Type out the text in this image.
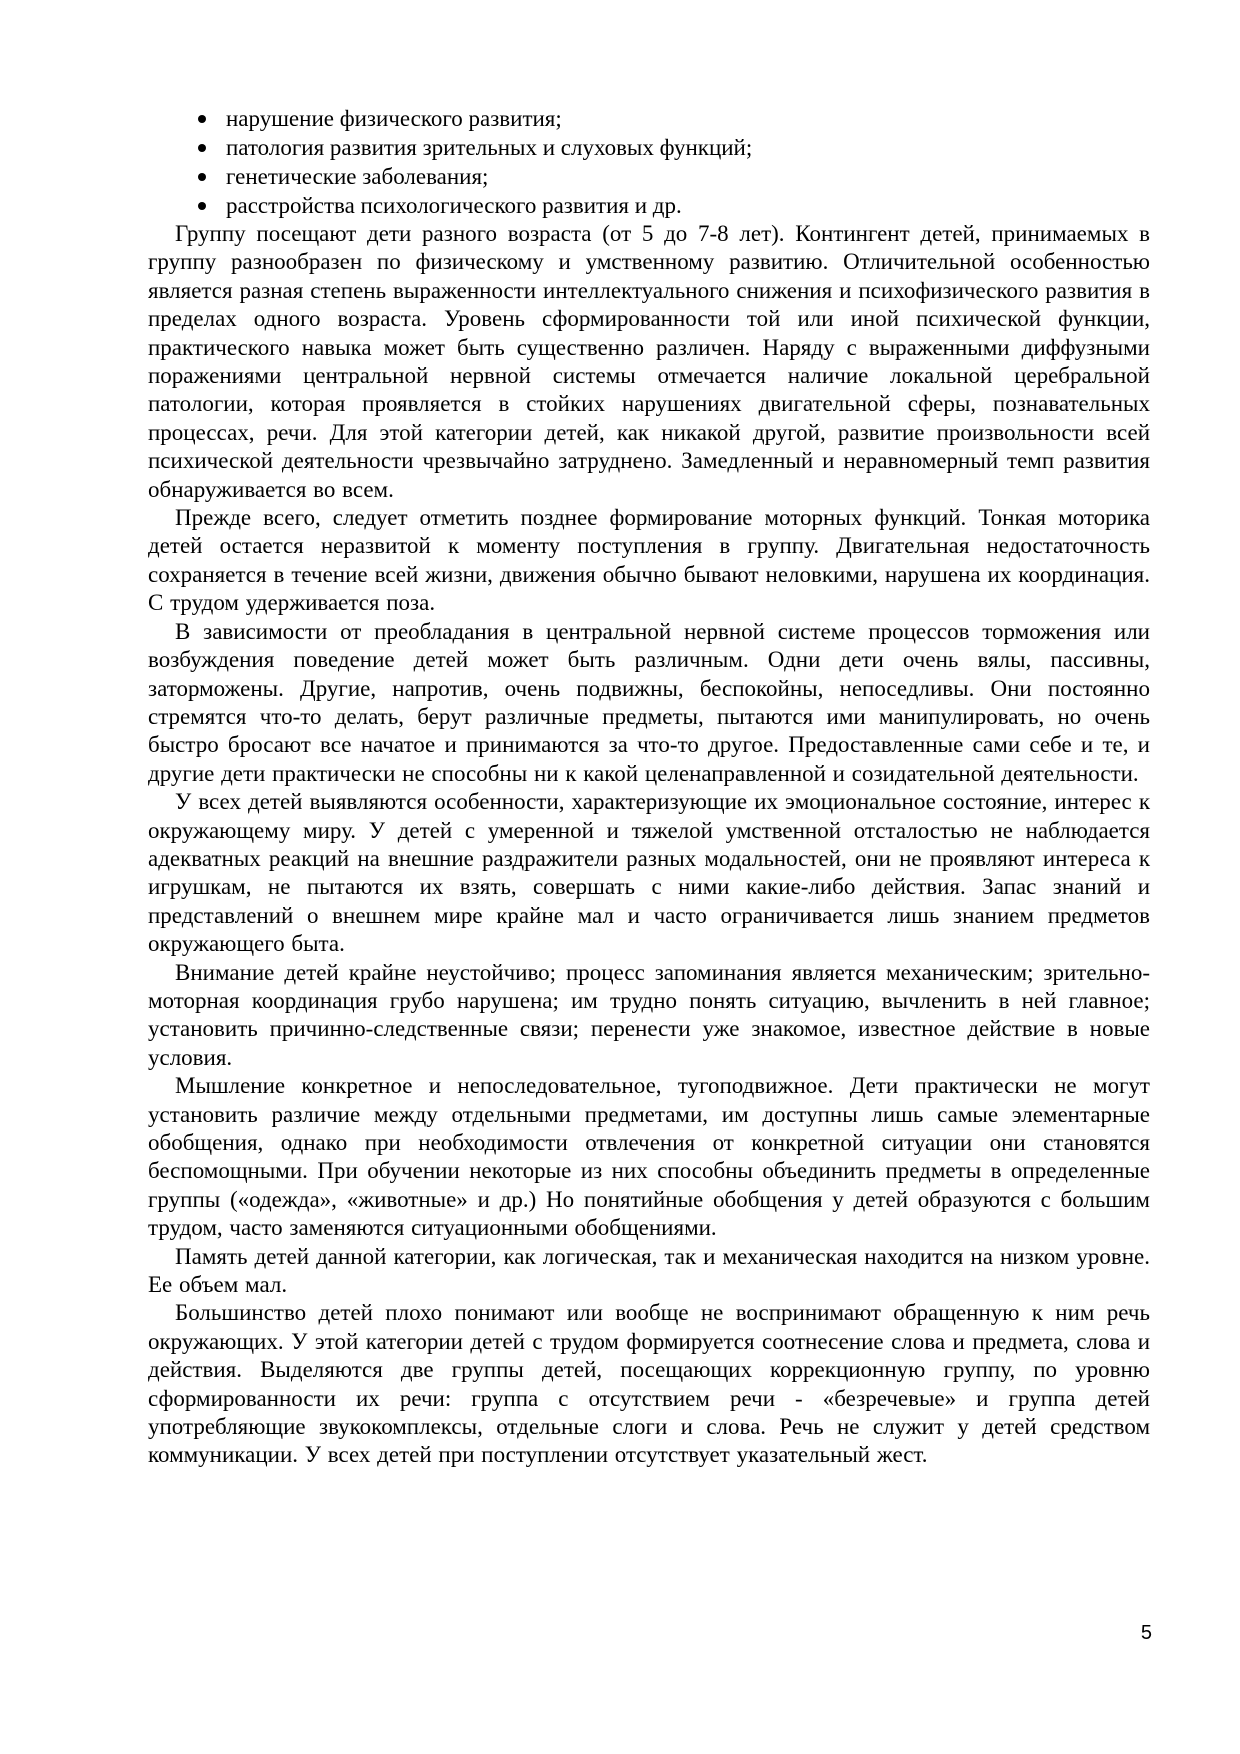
нарушение физического развития;
патология развития зрительных и слуховых функций;
генетические заболевания;
расстройства психологического развития и др.

Группу посещают дети разного возраста (от 5 до 7-8 лет). Контингент детей, принимаемых в группу разнообразен по физическому и умственному развитию. Отличительной особенностью является разная степень выраженности интеллектуального снижения и психофизического развития в пределах одного возраста. Уровень сформированности той или иной психической функции, практического навыка может быть существенно различен. Наряду с выраженными диффузными поражениями центральной нервной системы отмечается наличие локальной церебральной патологии, которая проявляется в стойких нарушениях двигательной сферы, познавательных процессах, речи. Для этой категории детей, как никакой другой, развитие произвольности всей психической деятельности чрезвычайно затруднено. Замедленный и неравномерный темп развития обнаруживается во всем.

Прежде всего, следует отметить позднее формирование моторных функций. Тонкая моторика детей остается неразвитой к моменту поступления в группу. Двигательная недостаточность сохраняется в течение всей жизни, движения обычно бывают неловкими, нарушена их координация. С трудом удерживается поза.

В зависимости от преобладания в центральной нервной системе процессов торможения или возбуждения поведение детей может быть различным. Одни дети очень вялы, пассивны, заторможены. Другие, напротив, очень подвижны, беспокойны, непоседливы. Они постоянно стремятся что-то делать, берут различные предметы, пытаются ими манипулировать, но очень быстро бросают все начатое и принимаются за что-то другое. Предоставленные сами себе и те, и другие дети практически не способны ни к какой целенаправленной и созидательной деятельности.

У всех детей выявляются особенности, характеризующие их эмоциональное состояние, интерес к окружающему миру. У детей с умеренной и тяжелой умственной отсталостью не наблюдается адекватных реакций на внешние раздражители разных модальностей, они не проявляют интереса к игрушкам, не пытаются их взять, совершать с ними какие-либо действия. Запас знаний и представлений о внешнем мире крайне мал и часто ограничивается лишь знанием предметов окружающего быта.

Внимание детей крайне неустойчиво; процесс запоминания является механическим; зрительно-моторная координация грубо нарушена; им трудно понять ситуацию, вычленить в ней главное; установить причинно-следственные связи; перенести уже знакомое, известное действие в новые условия.

Мышление конкретное и непоследовательное, тугоподвижное. Дети практически не могут установить различие между отдельными предметами, им доступны лишь самые элементарные обобщения, однако при необходимости отвлечения от конкретной ситуации они становятся беспомощными. При обучении некоторые из них способны объединить предметы в определенные группы («одежда», «животные» и др.) Но понятийные обобщения у детей образуются с большим трудом, часто заменяются ситуационными обобщениями.

Память детей данной категории, как логическая, так и механическая находится на низком уровне. Ее объем мал.

Большинство детей плохо понимают или вообще не воспринимают обращенную к ним речь окружающих. У этой категории детей с трудом формируется соотнесение слова и предмета, слова и действия. Выделяются две группы детей, посещающих коррекционную группу, по уровню сформированности их речи: группа с отсутствием речи - «безречевые» и группа детей употребляющие звукокомплексы, отдельные слоги и слова. Речь не служит у детей средством коммуникации. У всех детей при поступлении отсутствует указательный жест.

5
